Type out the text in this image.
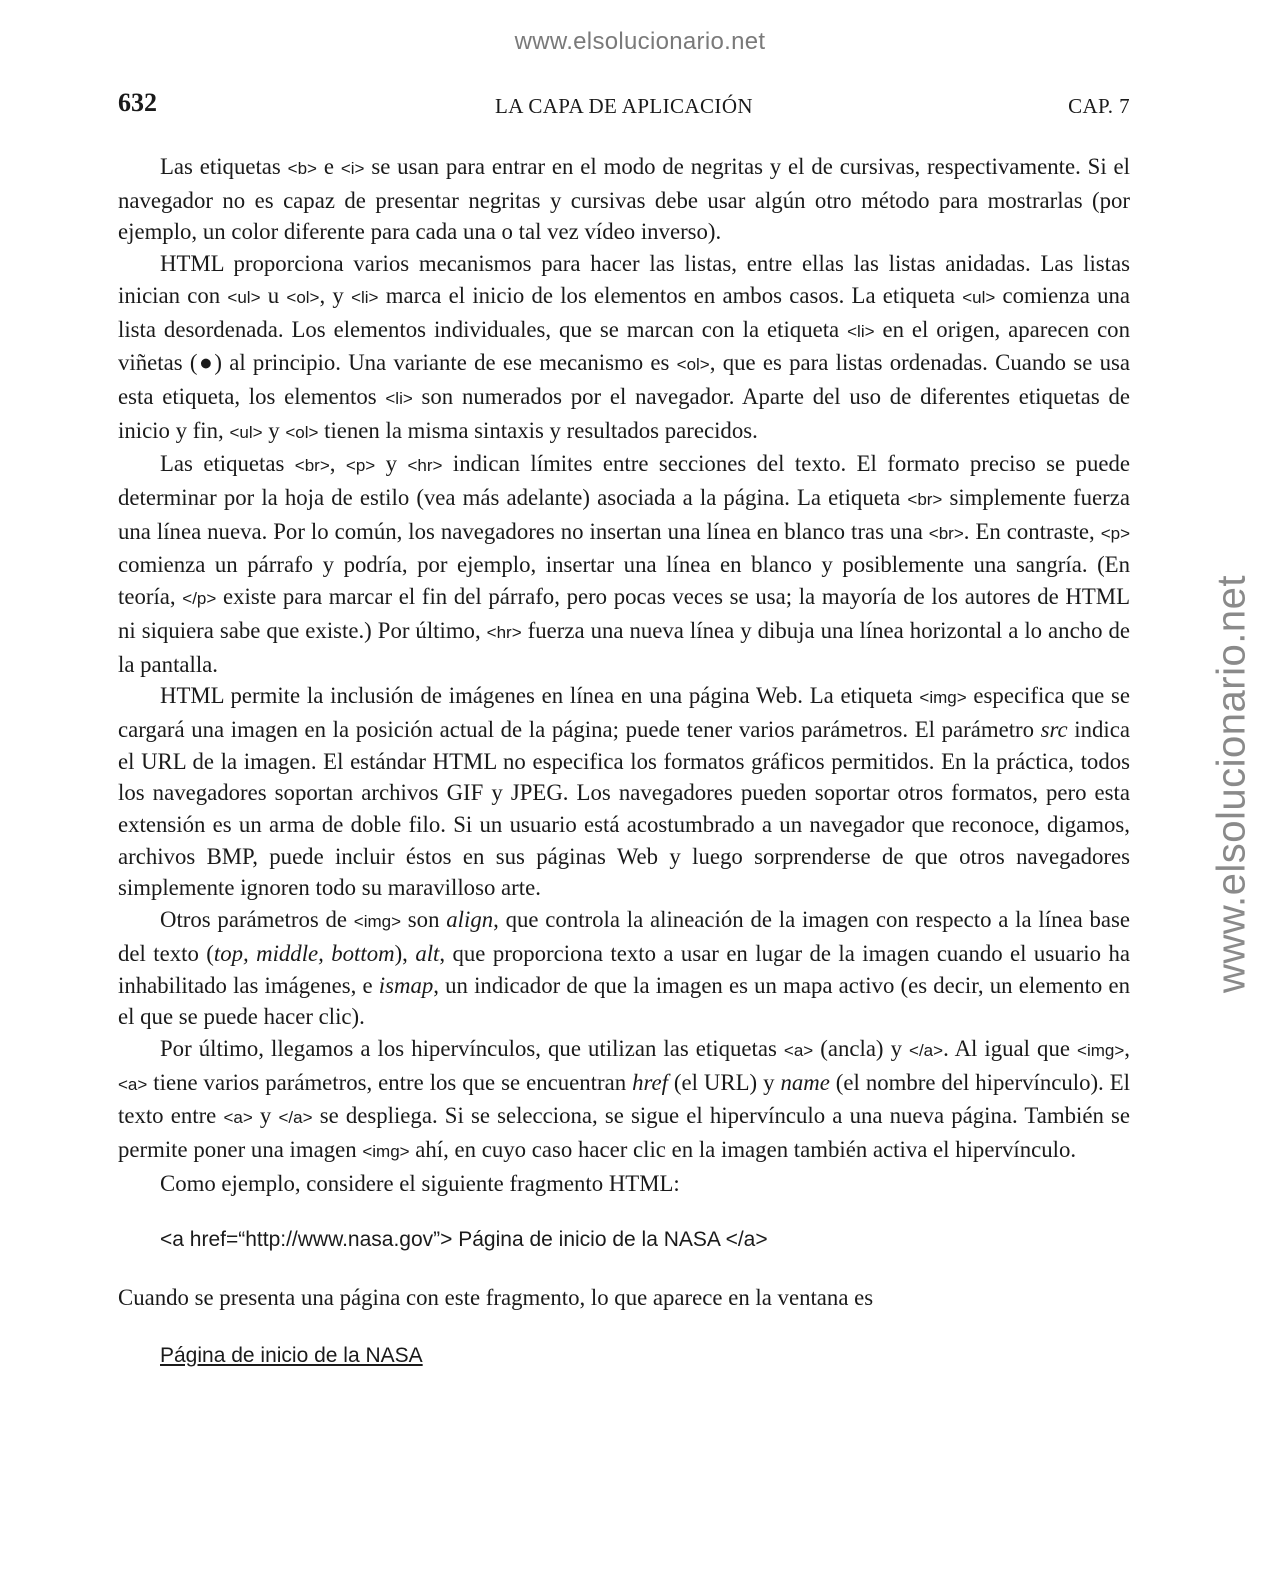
www.elsolucionario.net
www.elsolucionario.net
632	LA CAPA DE APLICACIÓN	CAP. 7

Las etiquetas <b> e <i> se usan para entrar en el modo de negritas y el de cursivas, respectivamente. Si el navegador no es capaz de presentar negritas y cursivas debe usar algún otro método para mostrarlas (por ejemplo, un color diferente para cada una o tal vez vídeo inverso).

HTML proporciona varios mecanismos para hacer las listas, entre ellas las listas anidadas. Las listas inician con <ul> u <ol>, y <li> marca el inicio de los elementos en ambos casos. La etiqueta <ul> comienza una lista desordenada. Los elementos individuales, que se marcan con la etiqueta <li> en el origen, aparecen con viñetas (●) al principio. Una variante de ese mecanismo es <ol>, que es para listas ordenadas. Cuando se usa esta etiqueta, los elementos <li> son numerados por el navegador. Aparte del uso de diferentes etiquetas de inicio y fin, <ul> y <ol> tienen la misma sintaxis y resultados parecidos.

Las etiquetas <br>, <p> y <hr> indican límites entre secciones del texto. El formato preciso se puede determinar por la hoja de estilo (vea más adelante) asociada a la página. La etiqueta <br> simplemente fuerza una línea nueva. Por lo común, los navegadores no insertan una línea en blanco tras una <br>. En contraste, <p> comienza un párrafo y podría, por ejemplo, insertar una línea en blanco y posiblemente una sangría. (En teoría, </p> existe para marcar el fin del párrafo, pero pocas veces se usa; la mayoría de los autores de HTML ni siquiera sabe que existe.) Por último, <hr> fuerza una nueva línea y dibuja una línea horizontal a lo ancho de la pantalla.

HTML permite la inclusión de imágenes en línea en una página Web. La etiqueta <img> especifica que se cargará una imagen en la posición actual de la página; puede tener varios parámetros. El parámetro src indica el URL de la imagen. El estándar HTML no especifica los formatos gráficos permitidos. En la práctica, todos los navegadores soportan archivos GIF y JPEG. Los navegadores pueden soportar otros formatos, pero esta extensión es un arma de doble filo. Si un usuario está acostumbrado a un navegador que reconoce, digamos, archivos BMP, puede incluir éstos en sus páginas Web y luego sorprenderse de que otros navegadores simplemente ignoren todo su maravilloso arte.

Otros parámetros de <img> son align, que controla la alineación de la imagen con respecto a la línea base del texto (top, middle, bottom), alt, que proporciona texto a usar en lugar de la imagen cuando el usuario ha inhabilitado las imágenes, e ismap, un indicador de que la imagen es un mapa activo (es decir, un elemento en el que se puede hacer clic).

Por último, llegamos a los hipervínculos, que utilizan las etiquetas <a> (ancla) y </a>. Al igual que <img>, <a> tiene varios parámetros, entre los que se encuentran href (el URL) y name (el nombre del hipervínculo). El texto entre <a> y </a> se despliega. Si se selecciona, se sigue el hipervínculo a una nueva página. También se permite poner una imagen <img> ahí, en cuyo caso hacer clic en la imagen también activa el hipervínculo.

Como ejemplo, considere el siguiente fragmento HTML:

<a href=“http://www.nasa.gov”> Página de inicio de la NASA </a>

Cuando se presenta una página con este fragmento, lo que aparece en la ventana es

Página de inicio de la NASA
